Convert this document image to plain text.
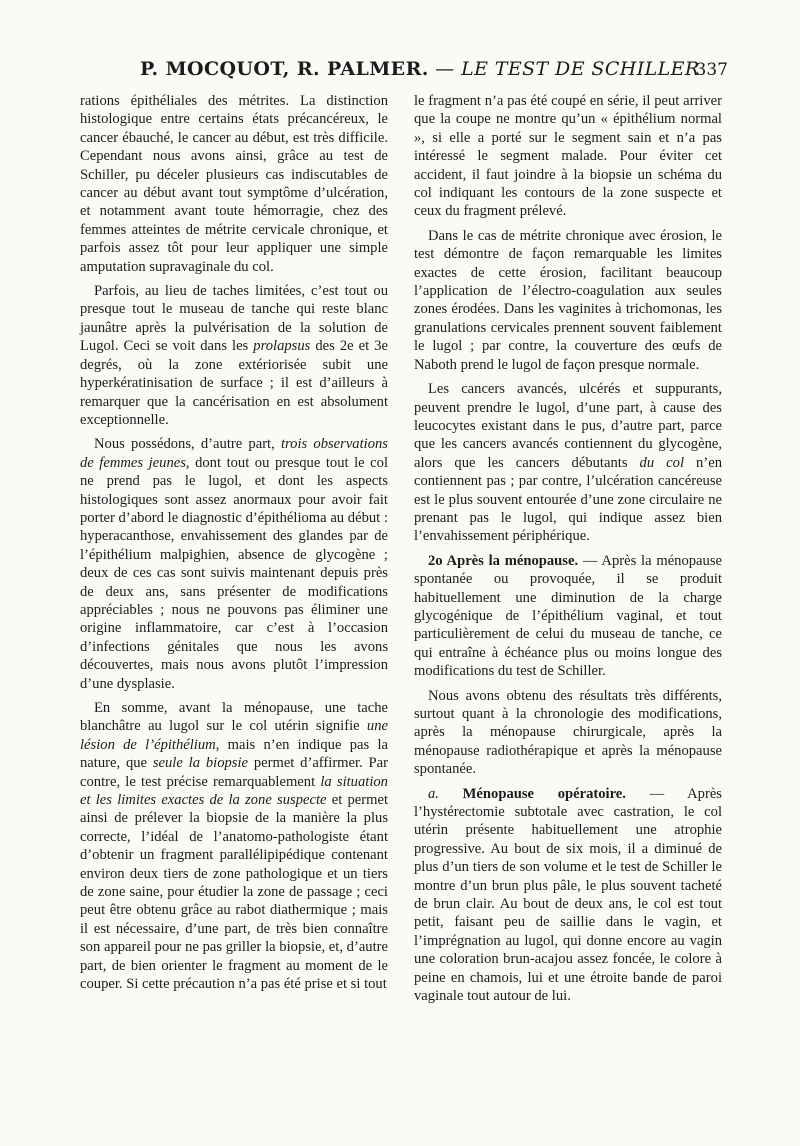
P. MOCQUOT, R. PALMER. — LE TEST DE SCHILLER
337

rations épithéliales des métrites. La distinction histologique entre certains états précancéreux, le cancer ébauché, le cancer au début, est très difficile. Cependant nous avons ainsi, grâce au test de Schiller, pu déceler plusieurs cas indiscutables de cancer au début avant tout symptôme d’ulcération, et notamment avant toute hémorragie, chez des femmes atteintes de métrite cervicale chronique, et parfois assez tôt pour leur appliquer une simple amputation supravaginale du col.

Parfois, au lieu de taches limitées, c’est tout ou presque tout le museau de tanche qui reste blanc jaunâtre après la pulvérisation de la solution de Lugol. Ceci se voit dans les prolapsus des 2e et 3e degrés, où la zone extériorisée subit une hyperkératinisation de surface ; il est d’ailleurs à remarquer que la cancérisation en est absolument exceptionnelle.

Nous possédons, d’autre part, trois observations de femmes jeunes, dont tout ou presque tout le col ne prend pas le lugol, et dont les aspects histologiques sont assez anormaux pour avoir fait porter d’abord le diagnostic d’épithélioma au début : hyperacanthose, envahissement des glandes par de l’épithélium malpighien, absence de glycogène ; deux de ces cas sont suivis maintenant depuis près de deux ans, sans présenter de modifications appréciables ; nous ne pouvons pas éliminer une origine inflammatoire, car c’est à l’occasion d’infections génitales que nous les avons découvertes, mais nous avons plutôt l’impression d’une dysplasie.

En somme, avant la ménopause, une tache blanchâtre au lugol sur le col utérin signifie une lésion de l’épithélium, mais n’en indique pas la nature, que seule la biopsie permet d’affirmer. Par contre, le test précise remarquablement la situation et les limites exactes de la zone suspecte et permet ainsi de prélever la biopsie de la manière la plus correcte, l’idéal de l’anatomo-pathologiste étant d’obtenir un fragment parallélipipédique contenant environ deux tiers de zone pathologique et un tiers de zone saine, pour étudier la zone de passage ; ceci peut être obtenu grâce au rabot diathermique ; mais il est nécessaire, d’une part, de très bien connaître son appareil pour ne pas griller la biopsie, et, d’autre part, de bien orienter le fragment au moment de le couper. Si cette précaution n’a pas été prise et si tout

le fragment n’a pas été coupé en série, il peut arriver que la coupe ne montre qu’un « épithélium normal », si elle a porté sur le segment sain et n’a pas intéressé le segment malade. Pour éviter cet accident, il faut joindre à la biopsie un schéma du col indiquant les contours de la zone suspecte et ceux du fragment prélevé.

Dans le cas de métrite chronique avec érosion, le test démontre de façon remarquable les limites exactes de cette érosion, facilitant beaucoup l’application de l’électro-coagulation aux seules zones érodées. Dans les vaginites à trichomonas, les granulations cervicales prennent souvent faiblement le lugol ; par contre, la couverture des œufs de Naboth prend le lugol de façon presque normale.

Les cancers avancés, ulcérés et suppurants, peuvent prendre le lugol, d’une part, à cause des leucocytes existant dans le pus, d’autre part, parce que les cancers avancés contiennent du glycogène, alors que les cancers débutants du col n’en contiennent pas ; par contre, l’ulcération cancéreuse est le plus souvent entourée d’une zone circulaire ne prenant pas le lugol, qui indique assez bien l’envahissement périphérique.

2o Après la ménopause. — Après la ménopause spontanée ou provoquée, il se produit habituellement une diminution de la charge glycogénique de l’épithélium vaginal, et tout particulièrement de celui du museau de tanche, ce qui entraîne à échéance plus ou moins longue des modifications du test de Schiller.

Nous avons obtenu des résultats très différents, surtout quant à la chronologie des modifications, après la ménopause chirurgicale, après la ménopause radiothérapique et après la ménopause spontanée.

a. Ménopause opératoire. — Après l’hystérectomie subtotale avec castration, le col utérin présente habituellement une atrophie progressive. Au bout de six mois, il a diminué de plus d’un tiers de son volume et le test de Schiller le montre d’un brun plus pâle, le plus souvent tacheté de brun clair. Au bout de deux ans, le col est tout petit, faisant peu de saillie dans le vagin, et l’imprégnation au lugol, qui donne encore au vagin une coloration brun-acajou assez foncée, le colore à peine en chamois, lui et une étroite bande de paroi vaginale tout autour de lui.
